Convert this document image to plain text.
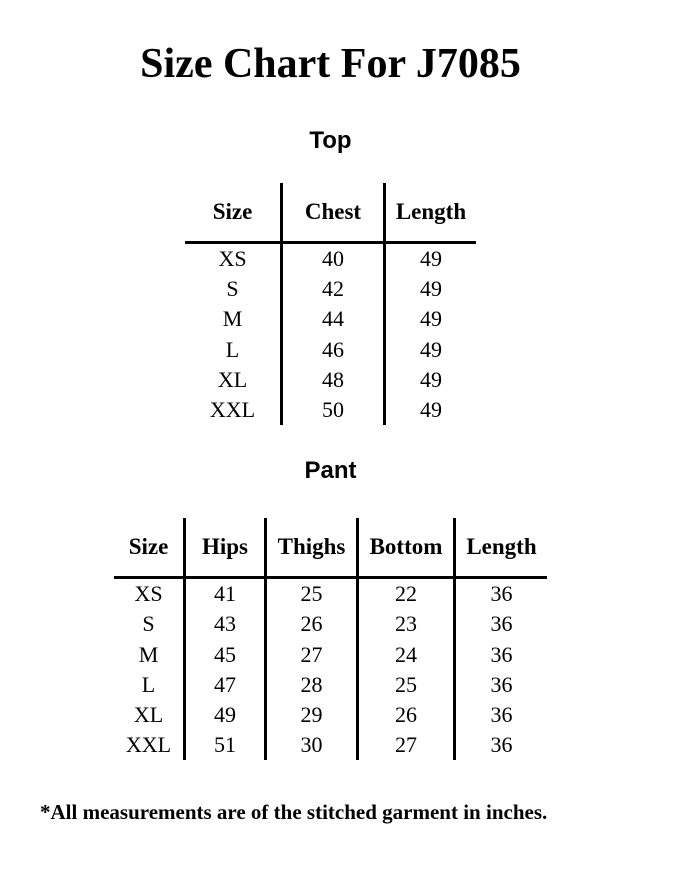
Size Chart For J7085
Top
Size	Chest	Length
XS	40	49
S	42	49
M	44	49
L	46	49
XL	48	49
XXL	50	49
Pant
Size	Hips	Thighs	Bottom	Length
XS	41	25	22	36
S	43	26	23	36
M	45	27	24	36
L	47	28	25	36
XL	49	29	26	36
XXL	51	30	27	36

*All measurements are of the stitched garment in inches.
